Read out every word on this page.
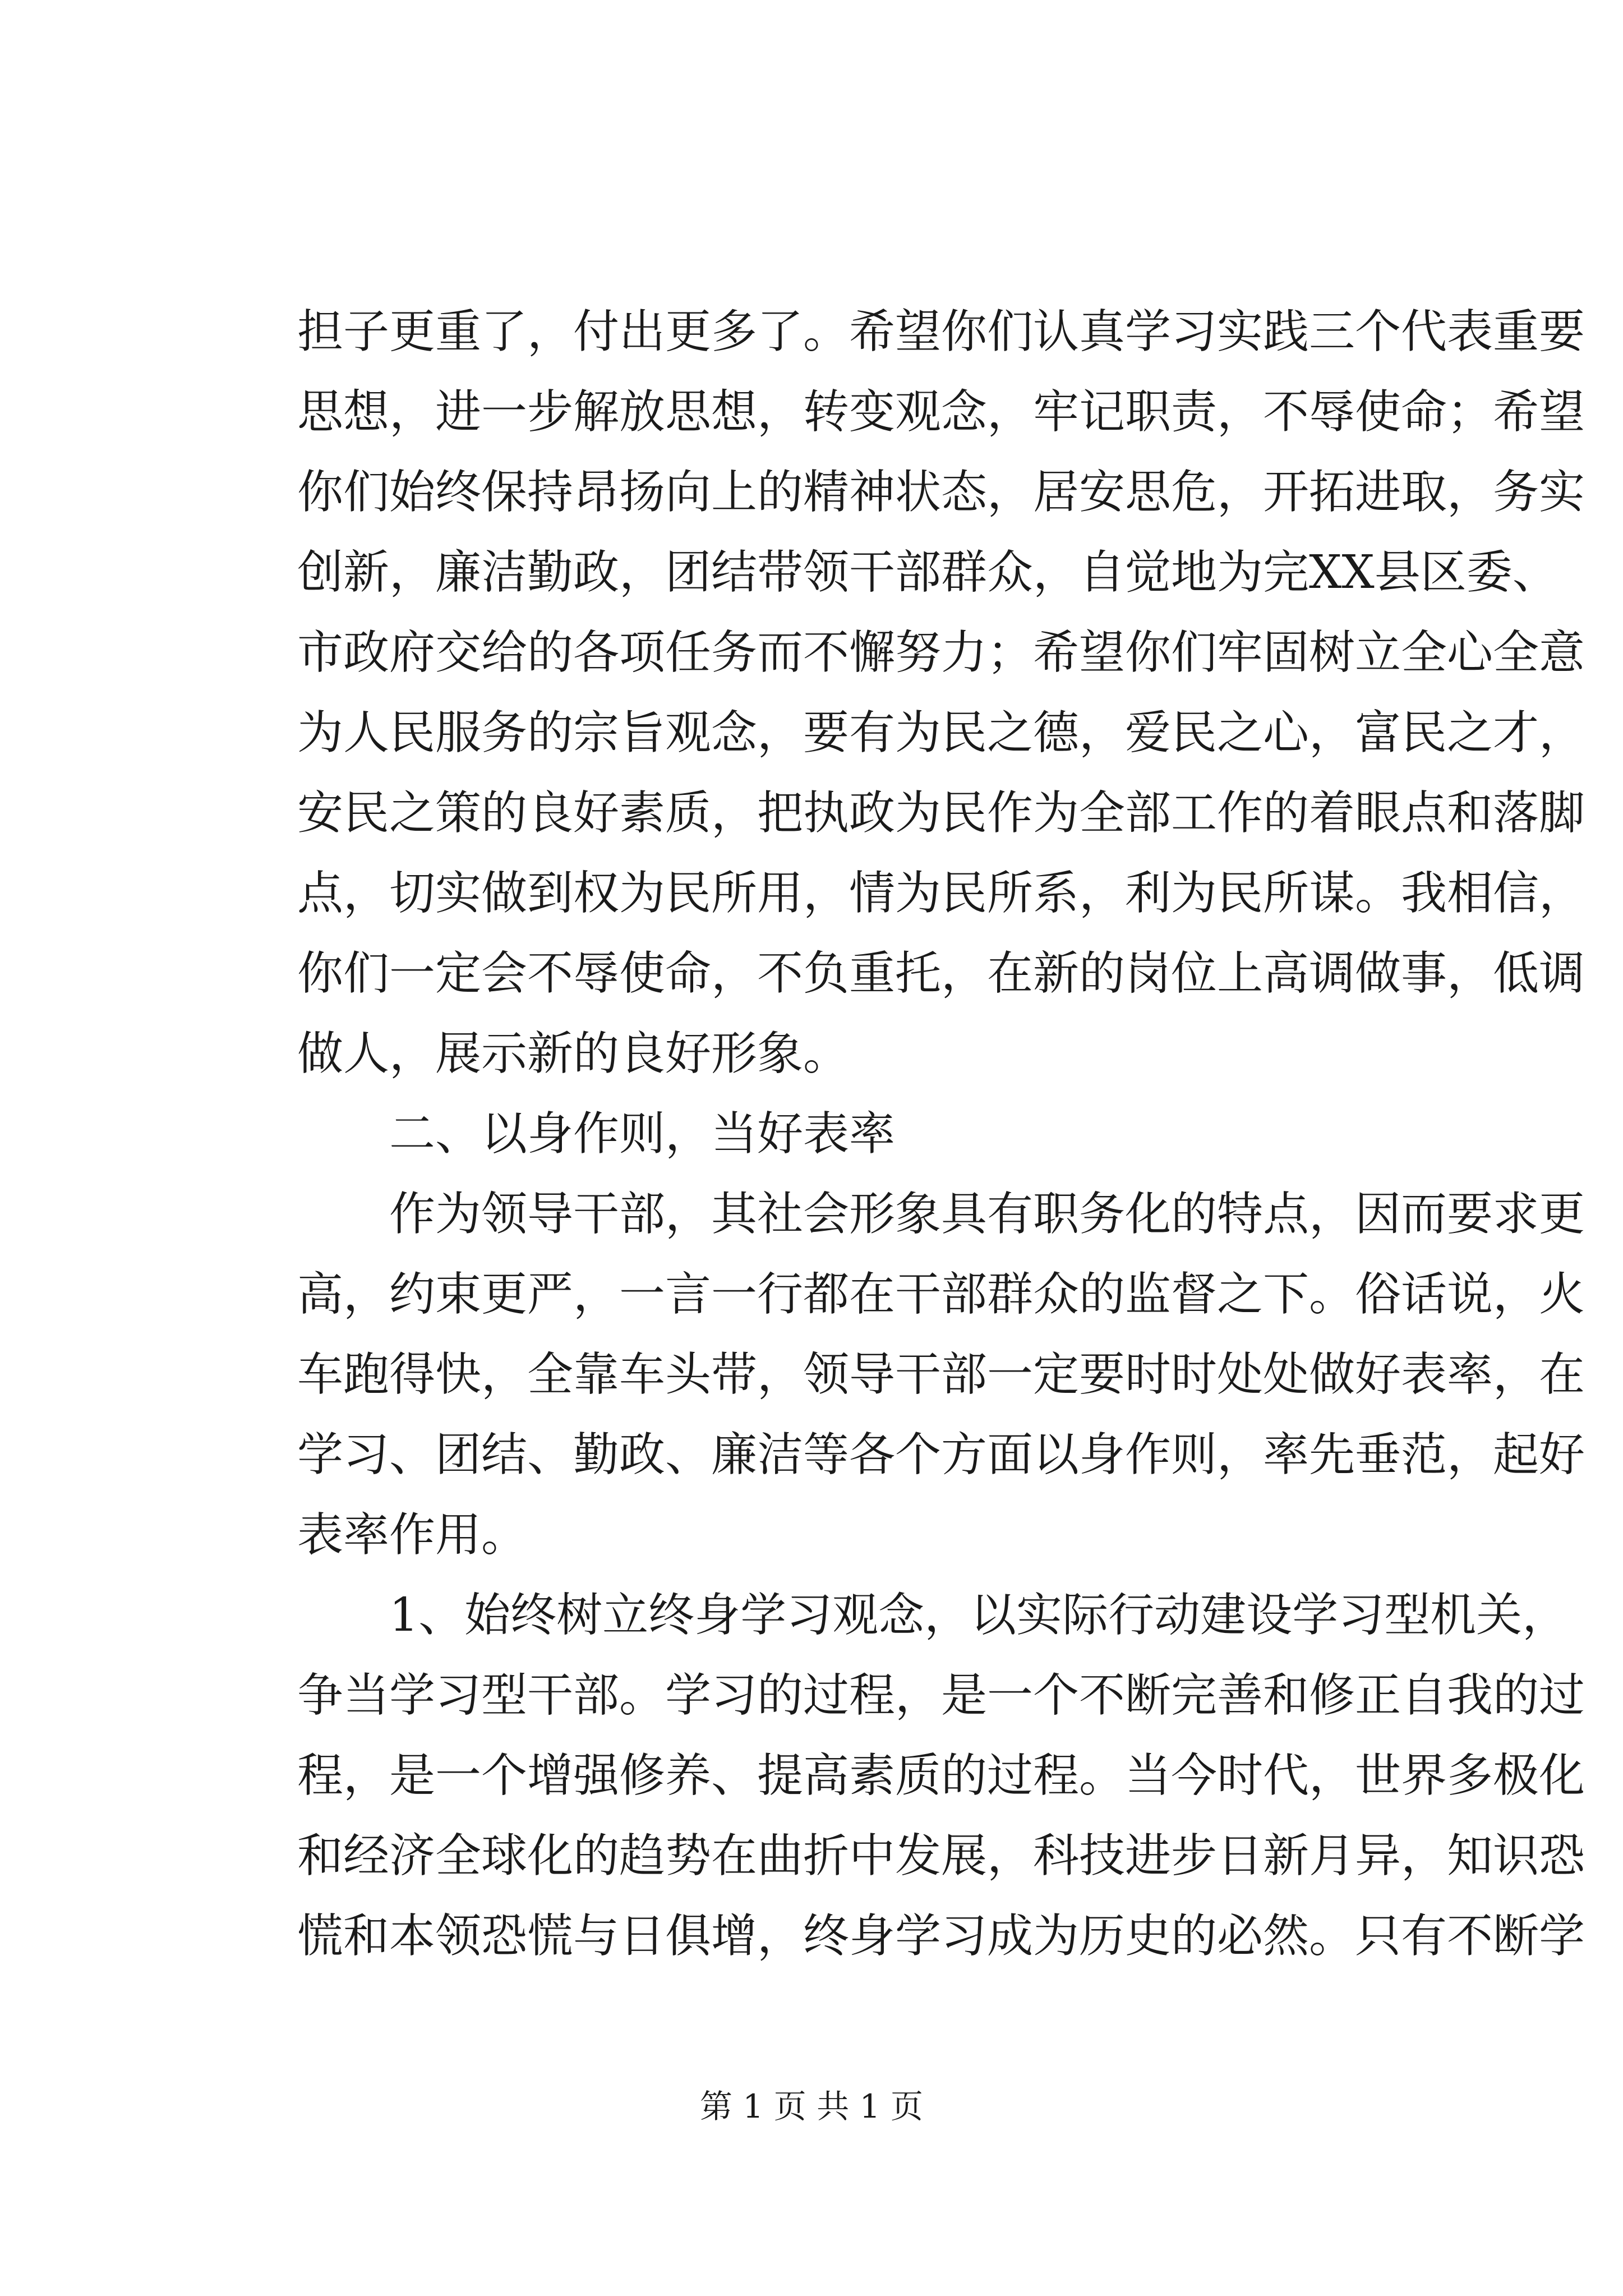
担子更重了，付出更多了。希望你们认真学习实践三个代表重要
思想，进一步解放思想，转变观念，牢记职责，不辱使命；希望
你们始终保持昂扬向上的精神状态，居安思危，开拓进取，务实
创新，廉洁勤政，团结带领干部群众，自觉地为完XX县区委、
市政府交给的各项任务而不懈努力；希望你们牢固树立全心全意
为人民服务的宗旨观念，要有为民之德，爱民之心，富民之才，
安民之策的良好素质，把执政为民作为全部工作的着眼点和落脚
点，切实做到权为民所用，情为民所系，利为民所谋。我相信，
你们一定会不辱使命，不负重托，在新的岗位上高调做事，低调
做人，展示新的良好形象。
二、以身作则，当好表率
作为领导干部，其社会形象具有职务化的特点，因而要求更
高，约束更严，一言一行都在干部群众的监督之下。俗话说，火
车跑得快，全靠车头带，领导干部一定要时时处处做好表率，在
学习、团结、勤政、廉洁等各个方面以身作则，率先垂范，起好
表率作用。
1、始终树立终身学习观念，以实际行动建设学习型机关，
争当学习型干部。学习的过程，是一个不断完善和修正自我的过
程，是一个增强修养、提高素质的过程。当今时代，世界多极化
和经济全球化的趋势在曲折中发展，科技进步日新月异，知识恐
慌和本领恐慌与日俱增，终身学习成为历史的必然。只有不断学
第 1 页 共 1 页
